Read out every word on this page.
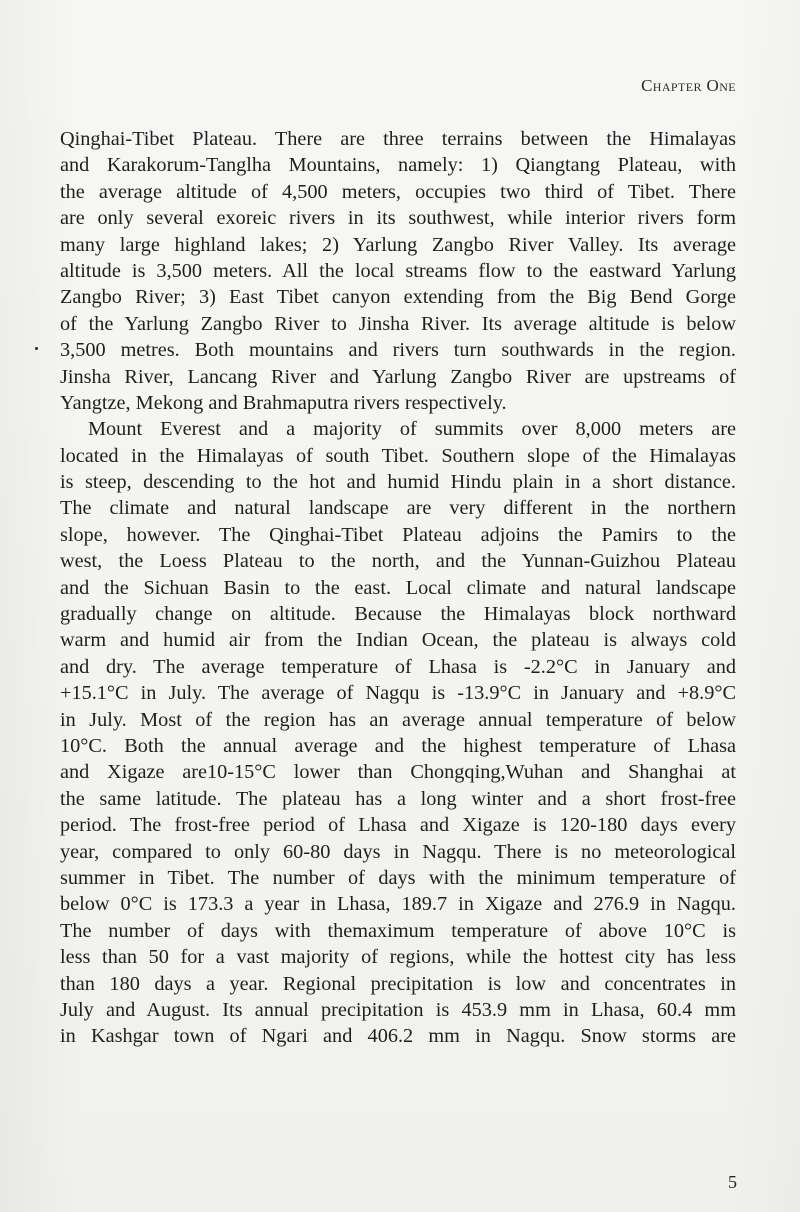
Chapter One
Qinghai-Tibet Plateau. There are three terrains between the Himalayas
and Karakorum-Tanglha Mountains, namely: 1) Qiangtang Plateau, with
the average altitude of 4,500 meters, occupies two third of Tibet. There
are only several exoreic rivers in its southwest, while interior rivers form
many large highland lakes; 2) Yarlung Zangbo River Valley. Its average
altitude is 3,500 meters. All the local streams flow to the eastward Yarlung
Zangbo River; 3) East Tibet canyon extending from the Big Bend Gorge
of the Yarlung Zangbo River to Jinsha River. Its average altitude is below
3,500 metres. Both mountains and rivers turn southwards in the region.
Jinsha River, Lancang River and Yarlung Zangbo River are upstreams of
Yangtze, Mekong and Brahmaputra rivers respectively.
Mount Everest and a majority of summits over 8,000 meters are
located in the Himalayas of south Tibet. Southern slope of the Himalayas
is steep, descending to the hot and humid Hindu plain in a short distance.
The climate and natural landscape are very different in the northern
slope, however. The Qinghai-Tibet Plateau adjoins the Pamirs to the
west, the Loess Plateau to the north, and the Yunnan-Guizhou Plateau
and the Sichuan Basin to the east. Local climate and natural landscape
gradually change on altitude. Because the Himalayas block northward
warm and humid air from the Indian Ocean, the plateau is always cold
and dry. The average temperature of Lhasa is -2.2°C in January and
+15.1°C in July. The average of Nagqu is -13.9°C in January and +8.9°C
in July. Most of the region has an average annual temperature of below
10°C. Both the annual average and the highest temperature of Lhasa
and Xigaze are10-15°C lower than Chongqing,Wuhan and Shanghai at
the same latitude. The plateau has a long winter and a short frost-free
period. The frost-free period of Lhasa and Xigaze is 120-180 days every
year, compared to only 60-80 days in Nagqu. There is no meteorological
summer in Tibet. The number of days with the minimum temperature of
below 0°C is 173.3 a year in Lhasa, 189.7 in Xigaze and 276.9 in Nagqu.
The number of days with themaximum temperature of above 10°C is
less than 50 for a vast majority of regions, while the hottest city has less
than 180 days a year. Regional precipitation is low and concentrates in
July and August. Its annual precipitation is 453.9 mm in Lhasa, 60.4 mm
in Kashgar town of Ngari and 406.2 mm in Nagqu. Snow storms are
5
